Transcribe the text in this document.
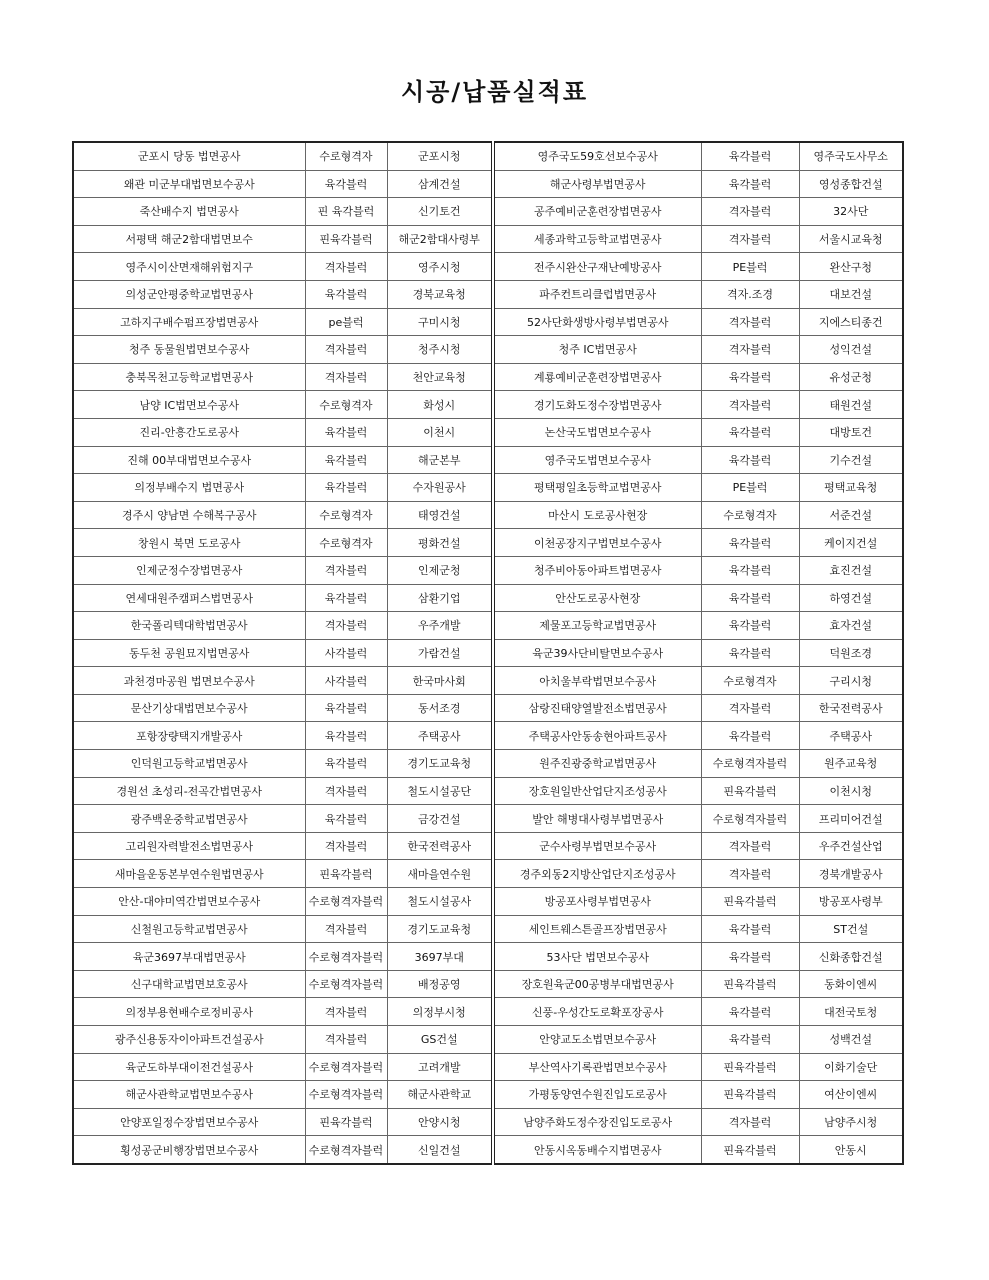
시공/납품실적표
군포시 당동 법면공사	수로형격자	군포시청	영주국도59호선보수공사	육각블럭	영주국도사무소
왜관 미군부대법면보수공사	육각블럭	삼계건설	해군사령부법면공사	육각블럭	영성종합건설
죽산배수지 법면공사	핀 육각블럭	신기토건	공주예비군훈련장법면공사	격자블럭	32사단
서평택 해군2함대법면보수	핀육각블럭	해군2함대사령부	세종과학고등학교법면공사	격자블럭	서울시교육청
영주시이산면재해위험지구	격자블럭	영주시청	전주시완산구재난예방공사	PE블럭	완산구청
의성군안평중학교법면공사	육각블럭	경북교육청	파주컨트리클럽법면공사	격자.조경	대보건설
고하지구배수펌프장법면공사	pe블럭	구미시청	52사단화생방사령부법면공사	격자블럭	지에스티종건
청주 동물원법면보수공사	격자블럭	청주시청	청주 IC법면공사	격자블럭	성익건설
충북목천고등학교법면공사	격자블럭	천안교육청	계룡예비군훈련장법면공사	육각블럭	유성군청
남양 IC법면보수공사	수로형격자	화성시	경기도화도정수장법면공사	격자블럭	태원건설
진리-안흥간도로공사	육각블럭	이천시	논산국도법면보수공사	육각블럭	대방토건
진해 00부대법면보수공사	육각블럭	해군본부	영주국도법면보수공사	육각블럭	기수건설
의정부배수지 법면공사	육각블럭	수자원공사	평택평일초등학교법면공사	PE블럭	평택교육청
경주시 양남면 수해복구공사	수로형격자	태영건설	마산시 도로공사현장	수로형격자	서준건설
창원시 북면 도로공사	수로형격자	평화건설	이천공장지구법면보수공사	육각블럭	케이지건설
인제군정수장법면공사	격자블럭	인제군청	청주비아동아파트법면공사	육각블럭	효진건설
연세대원주캠퍼스법면공사	육각블럭	삼환기업	안산도로공사현장	육각블럭	하영건설
한국폴리텍대학법면공사	격자블럭	우주개발	제물포고등학교법면공사	육각블럭	효자건설
동두천 공원묘지법면공사	사각블럭	가람건설	육군39사단비탈면보수공사	육각블럭	덕원조경
과천경마공원 법면보수공사	사각블럭	한국마사회	아치울부락법면보수공사	수로형격자	구리시청
문산기상대법면보수공사	육각블럭	동서조경	삼랑진태양열발전소법면공사	격자블럭	한국전력공사
포항장량택지개발공사	육각블럭	주택공사	주택공사안동송현아파트공사	육각블럭	주택공사
인덕원고등학교법면공사	육각블럭	경기도교육청	원주진광중학교법면공사	수로형격자블럭	원주교육청
경원선 초성리-전곡간법면공사	격자블럭	철도시설공단	장호원일반산업단지조성공사	핀육각블럭	이천시청
광주백운중학교법면공사	육각블럭	금강건설	발안 해병대사령부법면공사	수로형격자블럭	프리미어건설
고리원자력발전소법면공사	격자블럭	한국전력공사	군수사령부법면보수공사	격자블럭	우주건설산업
새마을운동본부연수원법면공사	핀육각블럭	새마을연수원	경주외동2지방산업단지조성공사	격자블럭	경북개발공사
안산-대야미역간법면보수공사	수로형격자블럭	철도시설공사	방공포사령부법면공사	핀육각블럭	방공포사령부
신철원고등학교법면공사	격자블럭	경기도교육청	세인트웨스튼골프장법면공사	육각블럭	ST건설
육군3697부대법면공사	수로형격자블럭	3697부대	53사단 법면보수공사	육각블럭	신화종합건설
신구대학교법면보호공사	수로형격자블럭	배정공영	장호원육군00공병부대법면공사	핀육각블럭	동화이엔씨
의정부용현배수로정비공사	격자블럭	의정부시청	신풍-우성간도로확포장공사	육각블럭	대전국토청
광주신용동자이아파트건설공사	격자블럭	GS건설	안양교도소법면보수공사	육각블럭	성백건설
육군도하부대이전건설공사	수로형격자블럭	고려개발	부산역사기록관법면보수공사	핀육각블럭	이화기술단
해군사관학교법면보수공사	수로형격자블럭	해군사관학교	가평동양연수원진입도로공사	핀육각블럭	여산이엔씨
안양포일정수장법면보수공사	핀육각블럭	안양시청	남양주화도정수장진입도로공사	격자블럭	남양주시청
횡성공군비행장법면보수공사	수로형격자블럭	신일건설	안동시옥동배수지법면공사	핀육각블럭	안동시
